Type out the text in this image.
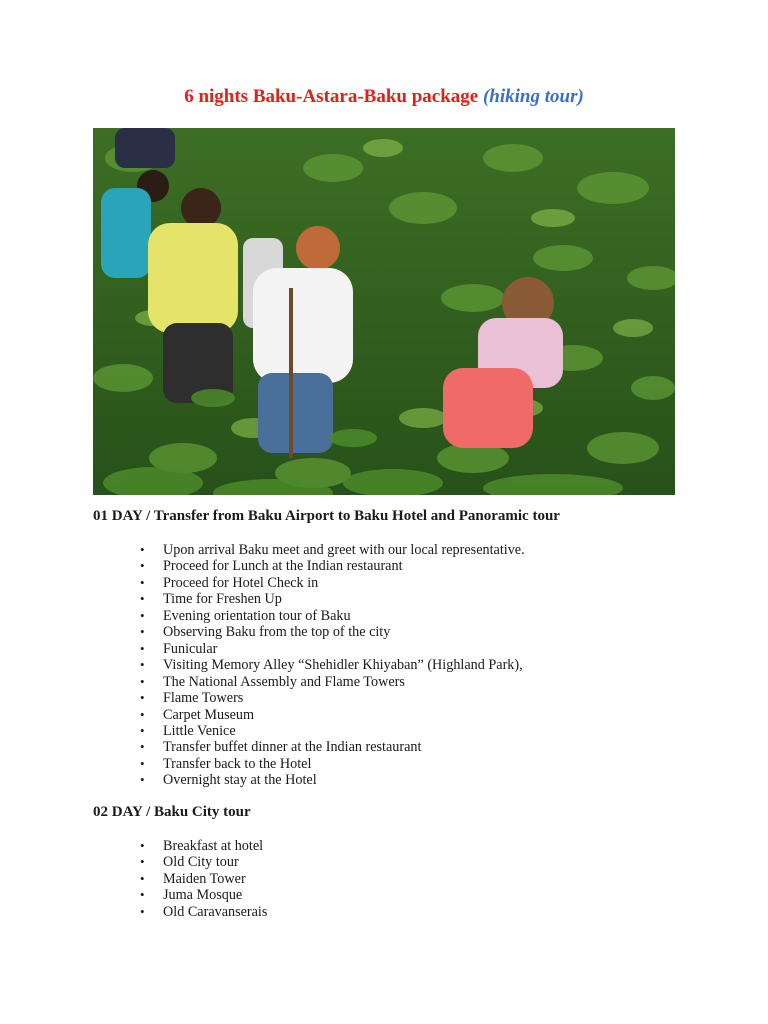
6 nights Baku-Astara-Baku package (hiking tour)
01 DAY / Transfer from Baku Airport to Baku Hotel and Panoramic tour
• Upon arrival Baku meet and greet with our local representative.
• Proceed for Lunch at the Indian restaurant
• Proceed for Hotel Check in
• Time for Freshen Up
• Evening orientation tour of Baku
• Observing Baku from the top of the city
• Funicular
• Visiting Memory Alley “Shehidler Khiyaban” (Highland Park),
• The National Assembly and Flame Towers
• Flame Towers
• Carpet Museum
• Little Venice
• Transfer buffet dinner at the Indian restaurant
• Transfer back to the Hotel
• Overnight stay at the Hotel
02 DAY / Baku City tour
• Breakfast at hotel
• Old City tour
• Maiden Tower
• Juma Mosque
• Old Caravanserais
